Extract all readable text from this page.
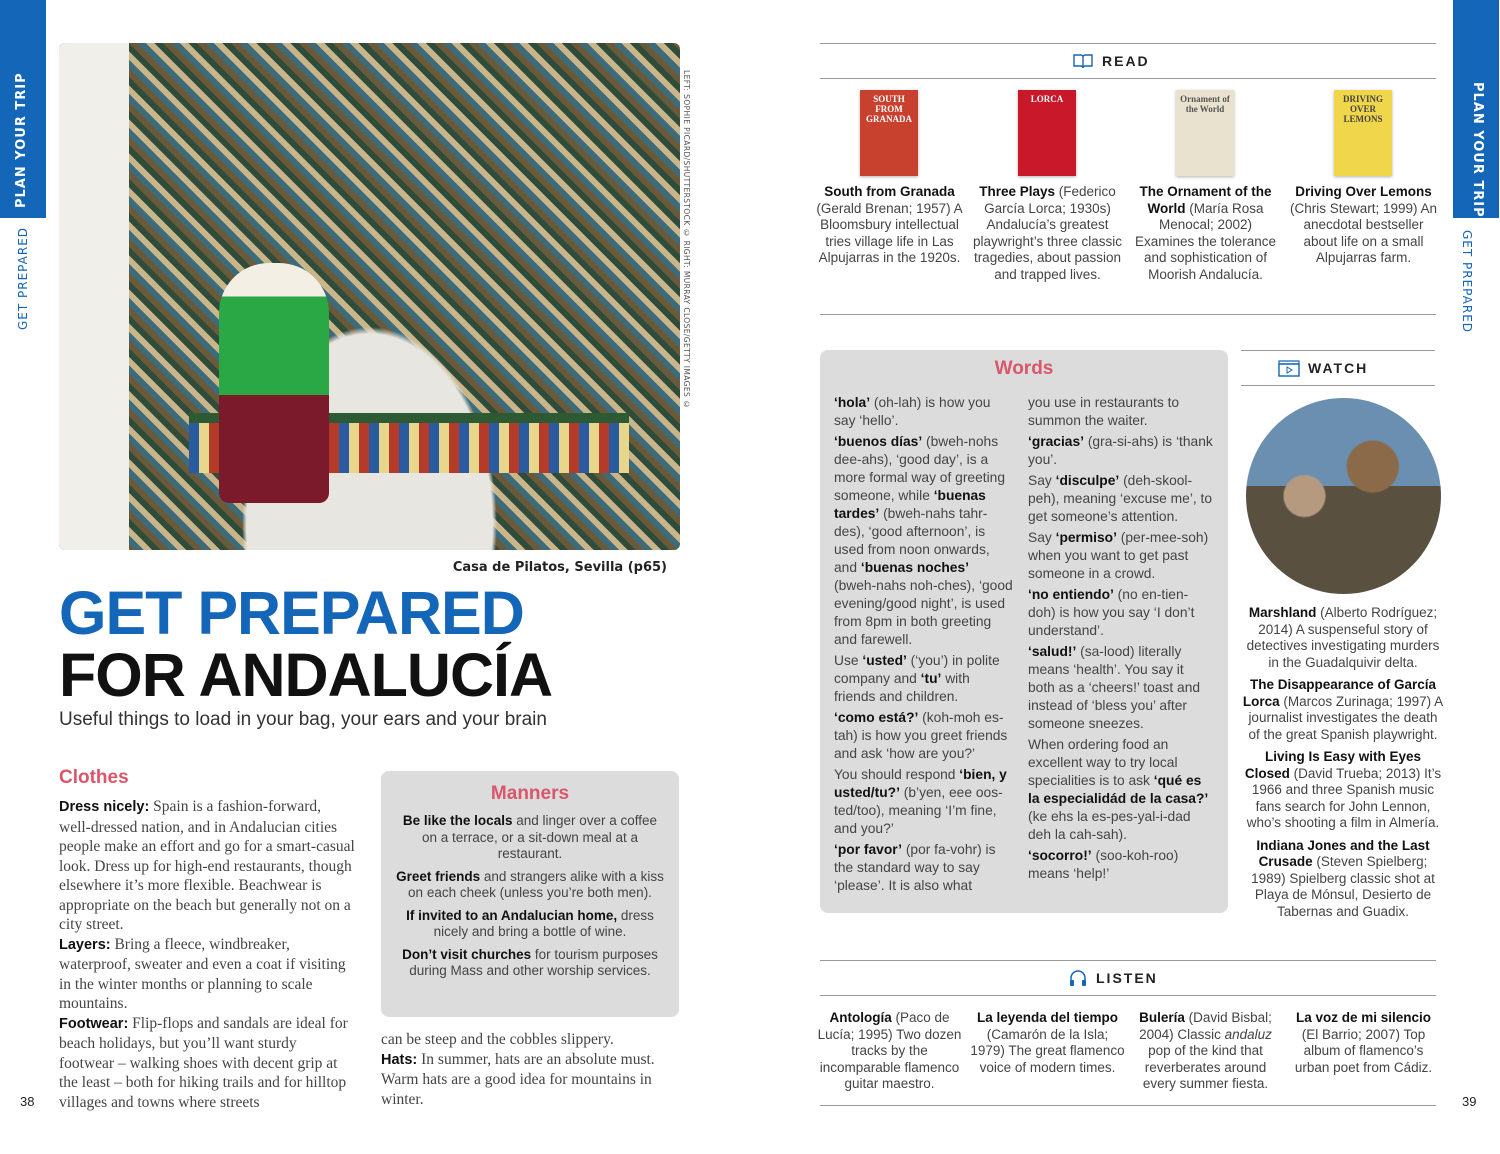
PLAN YOUR TRIP
GET PREPARED
PLAN YOUR TRIP
GET PREPARED
Casa de Pilatos, Sevilla (p65)
LEFT: SOPHIE PICARD/SHUTTERSTOCK © RIGHT: MURRAY CLOSE/GETTY IMAGES ©
GET PREPARED
FOR ANDALUCÍA
Useful things to load in your bag, your ears and your brain
Clothes

Dress nicely: Spain is a fashion-forward, well-dressed nation, and in Andalucian cities people make an effort and go for a smart-casual look. Dress up for high-end restaurants, though elsewhere it’s more flexible. Beachwear is appropriate on the beach but generally not on a city street.

Layers: Bring a fleece, windbreaker, waterproof, sweater and even a coat if visiting in the winter months or planning to scale mountains.

Footwear: Flip-flops and sandals are ideal for beach holidays, but you’ll want sturdy footwear – walking shoes with decent grip at the least – both for hiking trails and for hilltop villages and towns where streets

can be steep and the cobbles slippery.

Hats: In summer, hats are an absolute must. Warm hats are a good idea for mountains in winter.

Manners

Be like the locals and linger over a coffee on a terrace, or a sit-down meal at a restaurant.

Greet friends and strangers alike with a kiss on each cheek (unless you’re both men).

If invited to an Andalucian home, dress nicely and bring a bottle of wine.

Don’t visit churches for tourism purposes during Mass and other worship services.

38	39
READ
SOUTH FROM GRANADA

South from Granada (Gerald Brenan; 1957) A Bloomsbury intellectual tries village life in Las Alpujarras in the 1920s.

LORCA

Three Plays (Federico García Lorca; 1930s) Andalucía’s greatest playwright’s three classic tragedies, about passion and trapped lives.

Ornament of the World

The Ornament of the World (María Rosa Menocal; 2002) Examines the tolerance and sophistication of Moorish Andalucía.

DRIVING OVER LEMONS

Driving Over Lemons (Chris Stewart; 1999) An anecdotal bestseller about life on a small Alpujarras farm.

Words

‘hola’ (oh-lah) is how you say ‘hello’.

‘buenos días’ (bweh-nohs dee-ahs), ‘good day’, is a more formal way of greeting someone, while ‘buenas tardes’ (bweh-nahs tahr-des), ‘good afternoon’, is used from noon onwards, and ‘buenas noches’ (bweh-nahs noh-ches), ‘good evening/good night’, is used from 8pm in both greeting and farewell.

Use ‘usted’ (‘you’) in polite company and ‘tu’ with friends and children.

‘como está?’ (koh-moh es-tah) is how you greet friends and ask ‘how are you?’

You should respond ‘bien, y usted/tu?’ (b’yen, eee oos-ted/too), meaning ‘I’m fine, and you?’

‘por favor’ (por fa-vohr) is the standard way to say ‘please’. It is also what

you use in restaurants to summon the waiter.

‘gracias’ (gra-si-ahs) is ‘thank you’.

Say ‘disculpe’ (deh-skool-peh), meaning ‘excuse me’, to get someone’s attention.

Say ‘permiso’ (per-mee-soh) when you want to get past someone in a crowd.

‘no entiendo’ (no en-tien-doh) is how you say ‘I don’t understand’.

‘salud!’ (sa-lood) literally means ‘health’. You say it both as a ‘cheers!’ toast and instead of ‘bless you’ after someone sneezes.

When ordering food an excellent way to try local specialities is to ask ‘qué es la especialidád de la casa?’ (ke ehs la es-pes-yal-i-dad deh la cah-sah).

‘socorro!’ (soo-koh-roo) means ‘help!’

WATCH

Marshland (Alberto Rodríguez; 2014) A suspenseful story of detectives investigating murders in the Guadalquivir delta.

The Disappearance of García Lorca (Marcos Zurinaga; 1997) A journalist investigates the death of the great Spanish playwright.

Living Is Easy with Eyes Closed (David Trueba; 2013) It’s 1966 and three Spanish music fans search for John Lennon, who’s shooting a film in Almería.

Indiana Jones and the Last Crusade (Steven Spielberg; 1989) Spielberg classic shot at Playa de Mónsul, Desierto de Tabernas and Guadix.

LISTEN

Antología (Paco de Lucía; 1995) Two dozen tracks by the incomparable flamenco guitar maestro.

La leyenda del tiempo (Camarón de la Isla; 1979) The great flamenco voice of modern times.

Bulería (David Bisbal; 2004) Classic andaluz pop of the kind that reverberates around every summer fiesta.

La voz de mi silencio (El Barrio; 2007) Top album of flamenco’s urban poet from Cádiz.
